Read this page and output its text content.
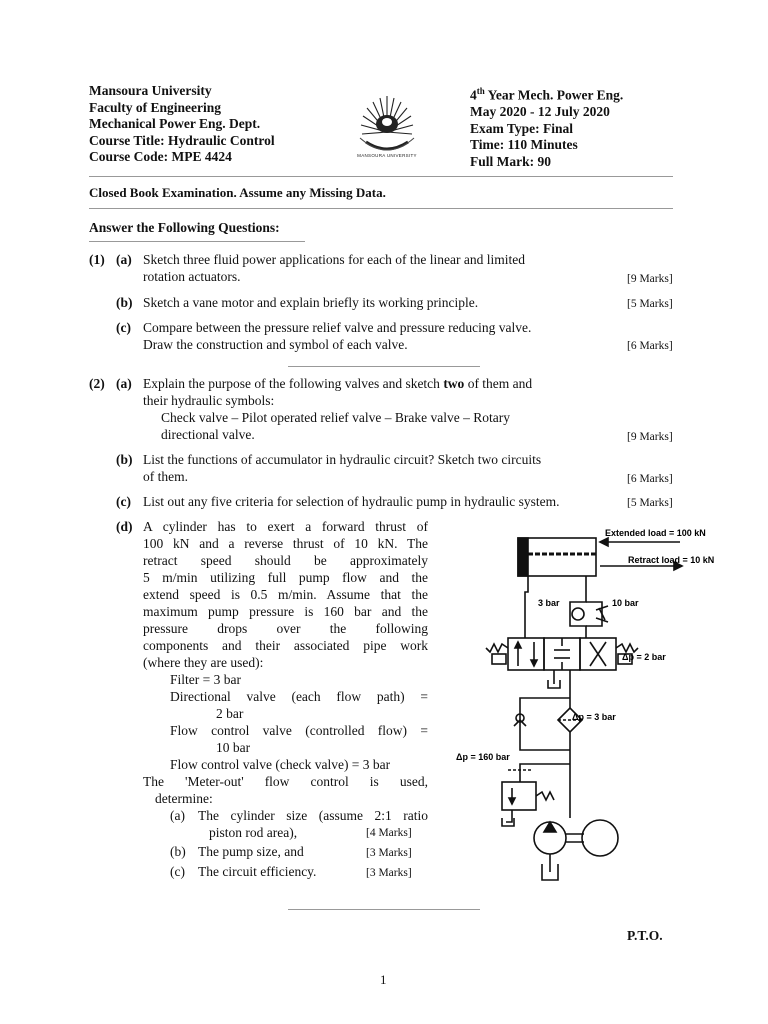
Mansoura University
Faculty of Engineering
Mechanical Power Eng. Dept.
Course Title: Hydraulic Control
Course Code: MPE 4424	MANSOURA UNIVERSITY
4th Year Mech. Power Eng.
May 2020 - 12 July 2020
Exam Type: Final
Time: 110 Minutes
Full Mark: 90
Closed Book Examination. Assume any Missing Data.
Answer the Following Questions:
(1) (a) Sketch three fluid power applications for each of the linear and limited
rotation actuators.	[9 Marks]
(b) Sketch a vane motor and explain briefly its working principle.	[5 Marks]
(c) Compare between the pressure relief valve and pressure reducing valve.
Draw the construction and symbol of each valve.	[6 Marks]
(2) (a) Explain the purpose of the following valves and sketch two of them and
their hydraulic symbols:
Check valve – Pilot operated relief valve – Brake valve – Rotary
directional valve.	[9 Marks]
(b) List the functions of accumulator in hydraulic circuit? Sketch two circuits
of them.	[6 Marks]
(c) List out any five criteria for selection of hydraulic pump in hydraulic system.	[5 Marks]
(d) A cylinder has to exert a forward thrust of
100 kN and a reverse thrust of 10 kN. The
retract speed should be approximately
5 m/min utilizing full pump flow and the
extend speed is 0.5 m/min. Assume that the
maximum pump pressure is 160 bar and the
pressure drops over the following
components and their associated pipe work
(where they are used):
Filter = 3 bar
Directional valve (each flow path) =
2 bar
Flow control valve (controlled flow) =
10 bar
Flow control valve (check valve) = 3 bar
The 'Meter-out' flow control is used,
determine:
(a) The cylinder size (assume 2:1 ratio
piston rod area),	[4 Marks]
(b) The pump size, and	[3 Marks]
(c) The circuit efficiency.	[3 Marks]
Extended load = 100 kN
Retract load = 10 kN
3 bar	10 bar
Δp = 2 bar
Δp = 3 bar
Δp = 160 bar
P.T.O.
1
